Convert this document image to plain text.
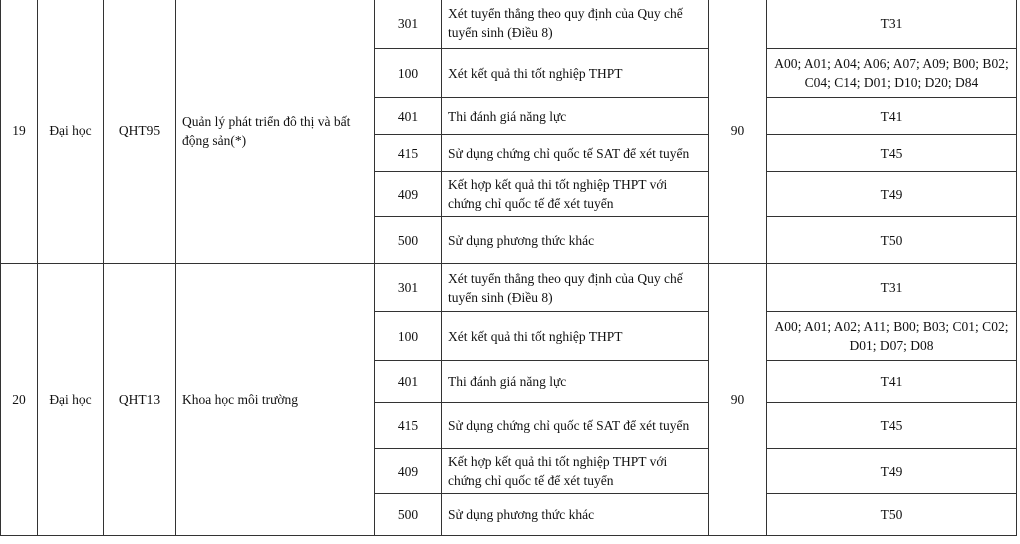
19	Đại học	QHT95	Quản lý phát triển đô thị và bất động sản(*)	301	Xét tuyển thẳng theo quy định của Quy chế tuyển sinh (Điều 8)	90	T31
				100	Xét kết quả thi tốt nghiệp THPT		A00; A01; A04; A06; A07; A09; B00; B02; C04; C14; D01; D10; D20; D84
				401	Thi đánh giá năng lực		T41
				415	Sử dụng chứng chỉ quốc tế SAT để xét tuyển		T45
				409	Kết hợp kết quả thi tốt nghiệp THPT với chứng chỉ quốc tế để xét tuyển		T49
				500	Sử dụng phương thức khác		T50
20	Đại học	QHT13	Khoa học môi trường	301	Xét tuyển thẳng theo quy định của Quy chế tuyển sinh (Điều 8)	90	T31
				100	Xét kết quả thi tốt nghiệp THPT		A00; A01; A02; A11; B00; B03; C01; C02; D01; D07; D08
				401	Thi đánh giá năng lực		T41
				415	Sử dụng chứng chỉ quốc tế SAT để xét tuyển		T45
				409	Kết hợp kết quả thi tốt nghiệp THPT với chứng chỉ quốc tế để xét tuyển		T49
				500	Sử dụng phương thức khác		T50
